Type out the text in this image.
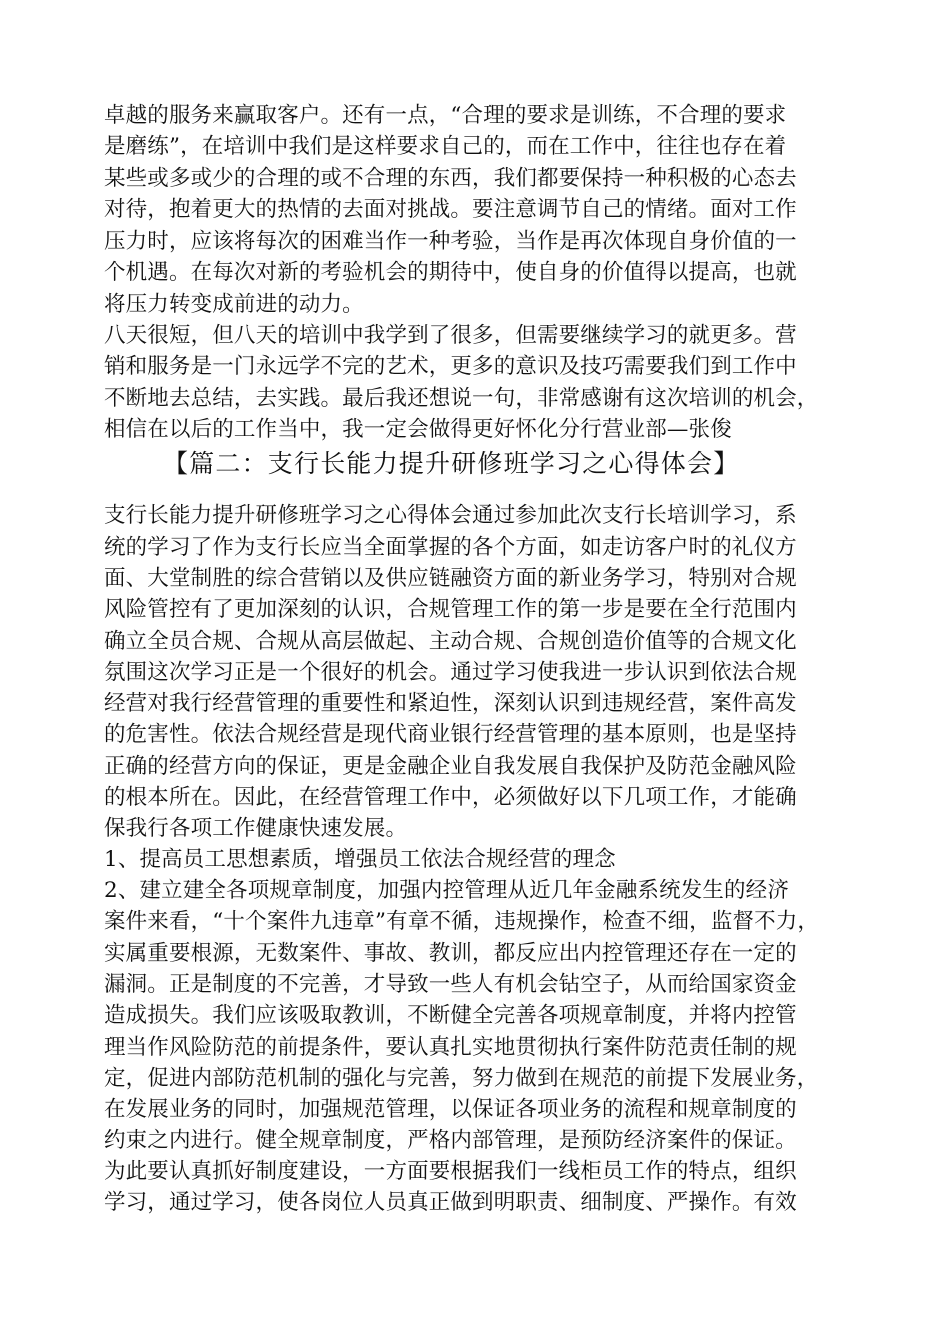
卓越的服务来赢取客户。还有一点，“合理的要求是训练，不合理的要求
是磨练”，在培训中我们是这样要求自己的，而在工作中，往往也存在着
某些或多或少的合理的或不合理的东西，我们都要保持一种积极的心态去
对待，抱着更大的热情的去面对挑战。要注意调节自己的情绪。面对工作
压力时，应该将每次的困难当作一种考验，当作是再次体现自身价值的一
个机遇。在每次对新的考验机会的期待中，使自身的价值得以提高，也就
将压力转变成前进的动力。
八天很短，但八天的培训中我学到了很多，但需要继续学习的就更多。营
销和服务是一门永远学不完的艺术，更多的意识及技巧需要我们到工作中
不断地去总结，去实践。最后我还想说一句，非常感谢有这次培训的机会，
相信在以后的工作当中，我一定会做得更好怀化分行营业部—张俊
【篇二：支行长能力提升研修班学习之心得体会】
支行长能力提升研修班学习之心得体会通过参加此次支行长培训学习，系
统的学习了作为支行长应当全面掌握的各个方面，如走访客户时的礼仪方
面、大堂制胜的综合营销以及供应链融资方面的新业务学习，特别对合规
风险管控有了更加深刻的认识，合规管理工作的第一步是要在全行范围内
确立全员合规、合规从高层做起、主动合规、合规创造价值等的合规文化
氛围这次学习正是一个很好的机会。通过学习使我进一步认识到依法合规
经营对我行经营管理的重要性和紧迫性，深刻认识到违规经营，案件高发
的危害性。依法合规经营是现代商业银行经营管理的基本原则，也是坚持
正确的经营方向的保证，更是金融企业自我发展自我保护及防范金融风险
的根本所在。因此，在经营管理工作中，必须做好以下几项工作，才能确
保我行各项工作健康快速发展。
1、提高员工思想素质，增强员工依法合规经营的理念
2、建立建全各项规章制度，加强内控管理从近几年金融系统发生的经济
案件来看，“十个案件九违章”有章不循，违规操作，检查不细，监督不力，
实属重要根源，无数案件、事故、教训，都反应出内控管理还存在一定的
漏洞。正是制度的不完善，才导致一些人有机会钻空子，从而给国家资金
造成损失。我们应该吸取教训，不断健全完善各项规章制度，并将内控管
理当作风险防范的前提条件，要认真扎实地贯彻执行案件防范责任制的规
定，促进内部防范机制的强化与完善，努力做到在规范的前提下发展业务，
在发展业务的同时，加强规范管理，以保证各项业务的流程和规章制度的
约束之内进行。健全规章制度，严格内部管理，是预防经济案件的保证。
为此要认真抓好制度建设，一方面要根据我们一线柜员工作的特点，组织
学习，通过学习，使各岗位人员真正做到明职责、细制度、严操作。有效
